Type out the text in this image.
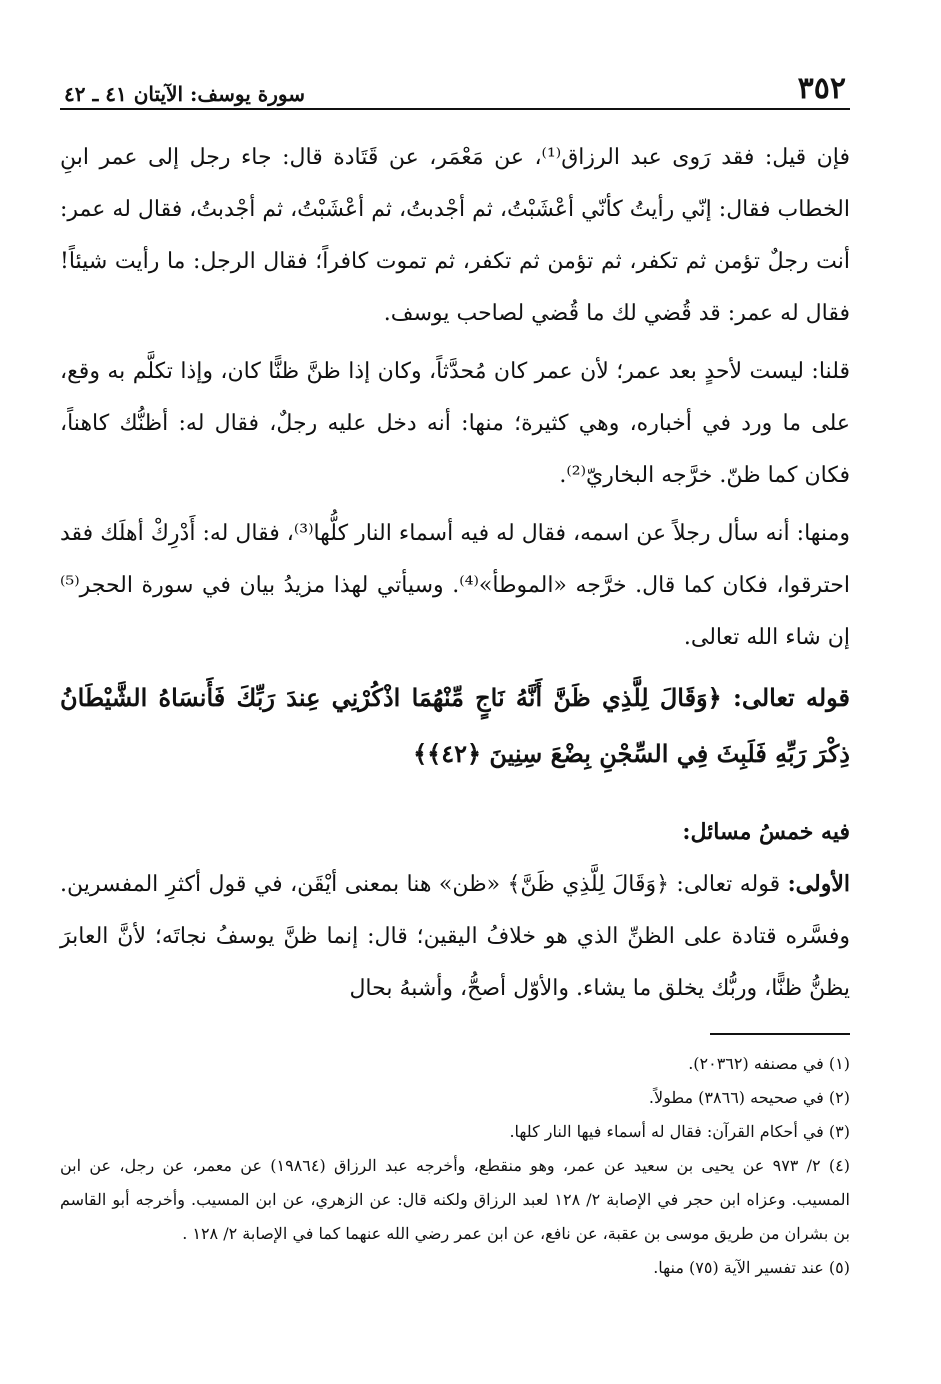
٣٥٢
سورة يوسف: الآيتان ٤١ ـ ٤٢

فإن قيل: فقد رَوى عبد الرزاق⁽¹⁾، عن مَعْمَر، عن قَتَادة قال: جاء رجل إلى عمر ابنِ الخطاب فقال: إنّي رأيتُ كأنّي أعْشَبْتُ، ثم أجْدبتُ، ثم أعْشَبْتُ، ثم أجْدبتُ، فقال له عمر: أنت رجلٌ تؤمن ثم تكفر، ثم تؤمن ثم تكفر، ثم تموت كافراً؛ فقال الرجل: ما رأيت شيئاً! فقال له عمر: قد قُضي لك ما قُضي لصاحب يوسف.

قلنا: ليست لأحدٍ بعد عمر؛ لأن عمر كان مُحدَّثاً، وكان إذا ظنَّ ظنًّا كان، وإذا تكلَّم به وقع، على ما ورد في أخباره، وهي كثيرة؛ منها: أنه دخل عليه رجلٌ، فقال له: أظنُّك كاهناً، فكان كما ظنّ. خرَّجه البخاريّ⁽²⁾.

ومنها: أنه سأل رجلاً عن اسمه، فقال له فيه أسماء النار كلُّها⁽³⁾، فقال له: أَدْرِكْ أهلَك فقد احترقوا، فكان كما قال. خرَّجه «الموطأ»⁽⁴⁾. وسيأتي لهذا مزيدُ بيان في سورة الحجر⁽⁵⁾ إن شاء الله تعالى.

قوله تعالى: ﴿وَقَالَ لِلَّذِي ظَنَّ أَنَّهُ نَاجٍ مِّنْهُمَا اذْكُرْنِي عِندَ رَبِّكَ فَأَنسَاهُ الشَّيْطَانُ ذِكْرَ رَبِّهِ فَلَبِثَ فِي السِّجْنِ بِضْعَ سِنِينَ ﴿٤٢﴾﴾

فيه خمسُ مسائل:

الأولى: قوله تعالى: ﴿وَقَالَ لِلَّذِي ظَنَّ﴾ «ظن» هنا بمعنى أيْقَن، في قول أكثرِ المفسرين. وفسَّره قتادة على الظنِّ الذي هو خلافُ اليقين؛ قال: إنما ظنَّ يوسفُ نجاتَه؛ لأنَّ العابرَ يظنُّ ظنًّا، وربُّك يخلق ما يشاء. والأوّل أصحُّ، وأشبهُ بحال

(١) في مصنفه (٢٠٣٦٢).

(٢) في صحيحه (٣٨٦٦) مطولاً.

(٣) في أحكام القرآن: فقال له أسماء فيها النار كلها.

(٤) ٢/ ٩٧٣ عن يحيى بن سعيد عن عمر، وهو منقطع، وأخرجه عبد الرزاق (١٩٨٦٤) عن معمر، عن رجل، عن ابن المسيب. وعزاه ابن حجر في الإصابة ٢/ ١٢٨ لعبد الرزاق ولكنه قال: عن الزهري، عن ابن المسيب. وأخرجه أبو القاسم بن بشران من طريق موسى بن عقبة، عن نافع، عن ابن عمر رضي الله عنهما كما في الإصابة ٢/ ١٢٨ .

(٥) عند تفسير الآية (٧٥) منها.
